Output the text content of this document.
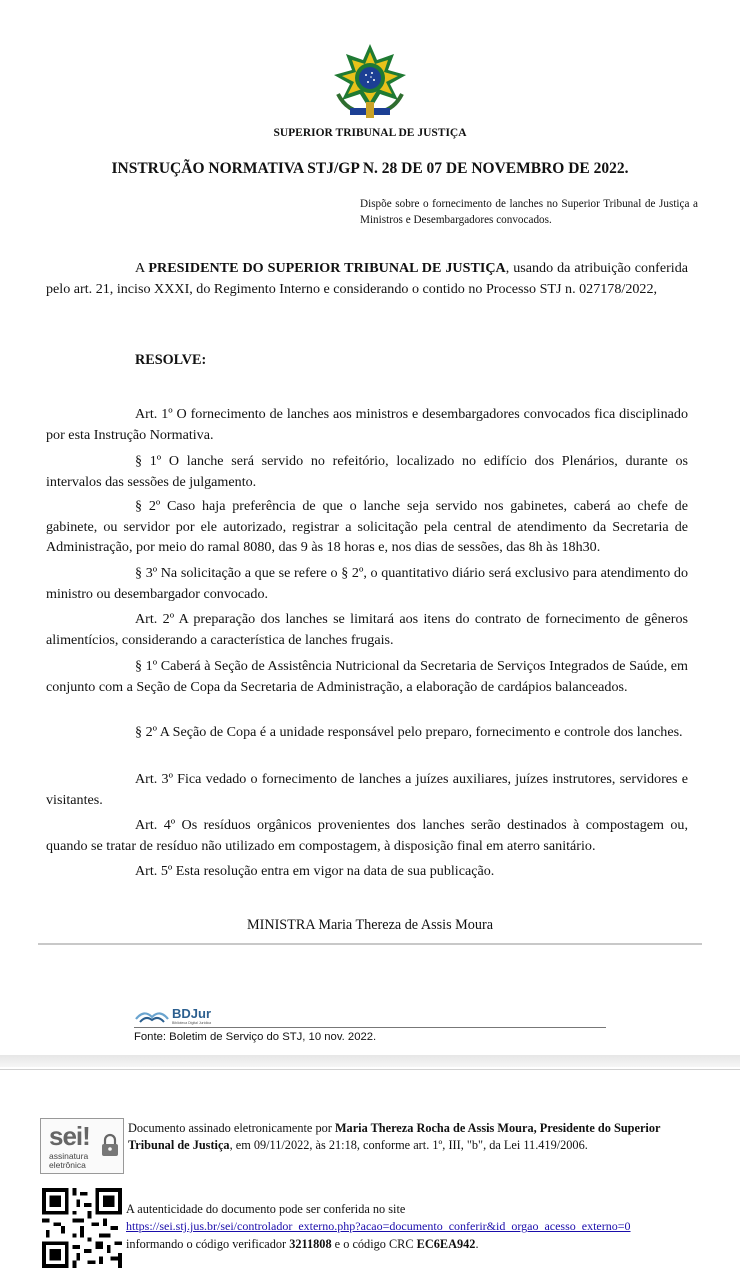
SUPERIOR TRIBUNAL DE JUSTIÇA
INSTRUÇÃO NORMATIVA STJ/GP N. 28 DE 07 DE NOVEMBRO DE 2022.
Dispõe sobre o fornecimento de lanches no Superior Tribunal de Justiça a Ministros e Desembargadores convocados.
A PRESIDENTE DO SUPERIOR TRIBUNAL DE JUSTIÇA, usando da atribuição conferida pelo art. 21, inciso XXXI, do Regimento Interno e considerando o contido no Processo STJ n. 027178/2022,
RESOLVE:
Art. 1º O fornecimento de lanches aos ministros e desembargadores convocados fica disciplinado por esta Instrução Normativa.
§ 1º O lanche será servido no refeitório, localizado no edifício dos Plenários, durante os intervalos das sessões de julgamento.
§ 2º Caso haja preferência de que o lanche seja servido nos gabinetes, caberá ao chefe de gabinete, ou servidor por ele autorizado, registrar a solicitação pela central de atendimento da Secretaria de Administração, por meio do ramal 8080, das 9 às 18 horas e, nos dias de sessões, das 8h às 18h30.
§ 3º Na solicitação a que se refere o § 2º, o quantitativo diário será exclusivo para atendimento do ministro ou desembargador convocado.
Art. 2º A preparação dos lanches se limitará aos itens do contrato de fornecimento de gêneros alimentícios, considerando a característica de lanches frugais.
§ 1º Caberá à Seção de Assistência Nutricional da Secretaria de Serviços Integrados de Saúde, em conjunto com a Seção de Copa da Secretaria de Administração, a elaboração de cardápios balanceados.
§ 2º A Seção de Copa é a unidade responsável pelo preparo, fornecimento e controle dos lanches.
Art. 3º Fica vedado o fornecimento de lanches a juízes auxiliares, juízes instrutores, servidores e visitantes.
Art. 4º Os resíduos orgânicos provenientes dos lanches serão destinados à compostagem ou, quando se tratar de resíduo não utilizado em compostagem, à disposição final em aterro sanitário.
Art. 5º Esta resolução entra em vigor na data de sua publicação.
MINISTRA Maria Thereza de Assis Moura
BDJur
Biblioteca Digital Jurídica
Fonte: Boletim de Serviço do STJ, 10 nov. 2022.
sei!
assinatura
eletrônica
Documento assinado eletronicamente por Maria Thereza Rocha de Assis Moura, Presidente do Superior Tribunal de Justiça, em 09/11/2022, às 21:18, conforme art. 1º, III, "b", da Lei 11.419/2006.
A autenticidade do documento pode ser conferida no site
https://sei.stj.jus.br/sei/controlador_externo.php?acao=documento_conferir&id_orgao_acesso_externo=0
informando o código verificador 3211808 e o código CRC EC6EA942.
